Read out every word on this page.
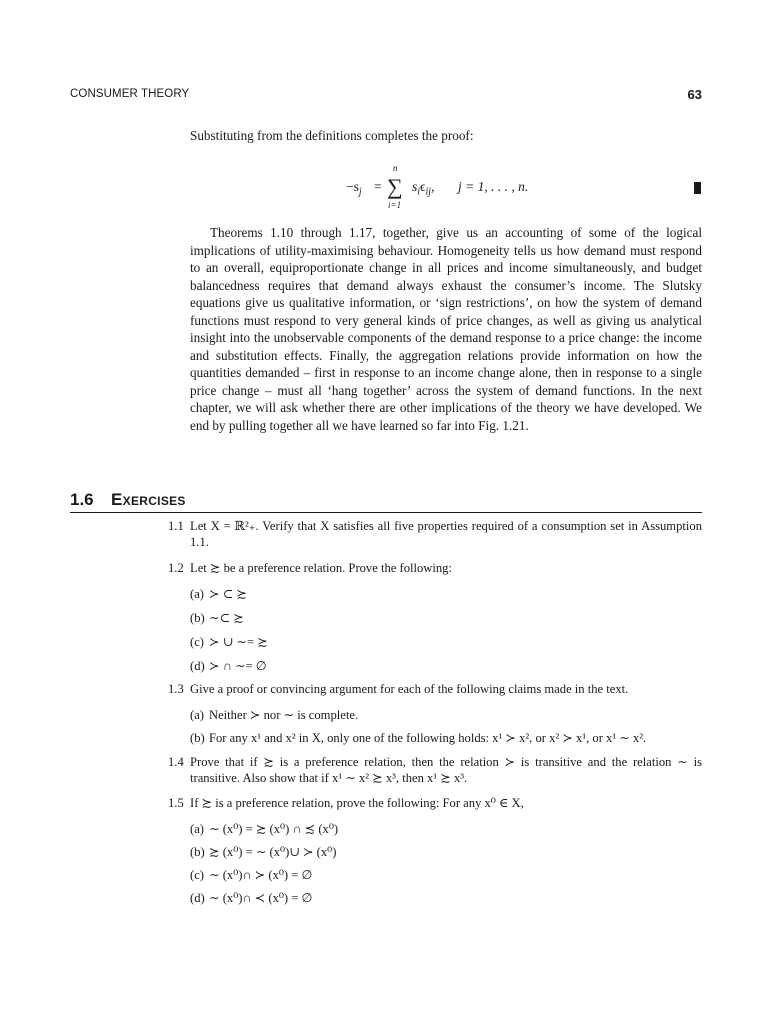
CONSUMER THEORY	63
Substituting from the definitions completes the proof:
$-s_j$ =
n
∑
i=1
$s_i\epsilon_{ij}$, j = 1, . . . , n.

Theorems 1.10 through 1.17, together, give us an accounting of some of the logical implications of utility-maximising behaviour. Homogeneity tells us how demand must respond to an overall, equiproportionate change in all prices and income simultaneously, and budget balancedness requires that demand always exhaust the consumer’s income. The Slutsky equations give us qualitative information, or ‘sign restrictions’, on how the system of demand functions must respond to very general kinds of price changes, as well as giving us analytical insight into the unobservable components of the demand response to a price change: the income and substitution effects. Finally, the aggregation relations provide information on how the quantities demanded – first in response to an income change alone, then in response to a single price change – must all ‘hang together’ across the system of demand functions. In the next chapter, we will ask whether there are other implications of the theory we have developed. We end by pulling together all we have learned so far into Fig. 1.21.

1.6 Exercises
1.1 Let X = ℝ²₊. Verify that X satisfies all five properties required of a consumption set in Assumption 1.1.
1.2 Let ≿ be a preference relation. Prove the following:
(a) ≻ ⊂ ≿
(b) ∼⊂ ≿
(c) ≻ ∪ ∼= ≿
(d) ≻ ∩ ∼= ∅
1.3 Give a proof or convincing argument for each of the following claims made in the text.
(a) Neither ≻ nor ∼ is complete.
(b) For any x¹ and x² in X, only one of the following holds: x¹ ≻ x², or x² ≻ x¹, or x¹ ∼ x².
1.4 Prove that if ≿ is a preference relation, then the relation ≻ is transitive and the relation ∼ is transitive. Also show that if x¹ ∼ x² ≿ x³, then x¹ ≿ x³.
1.5 If ≿ is a preference relation, prove the following: For any x⁰ ∈ X,
(a) ∼ (x⁰) = ≿ (x⁰) ∩ ≾ (x⁰)
(b) ≿ (x⁰) = ∼ (x⁰)∪ ≻ (x⁰)
(c) ∼ (x⁰)∩ ≻ (x⁰) = ∅
(d) ∼ (x⁰)∩ ≺ (x⁰) = ∅
